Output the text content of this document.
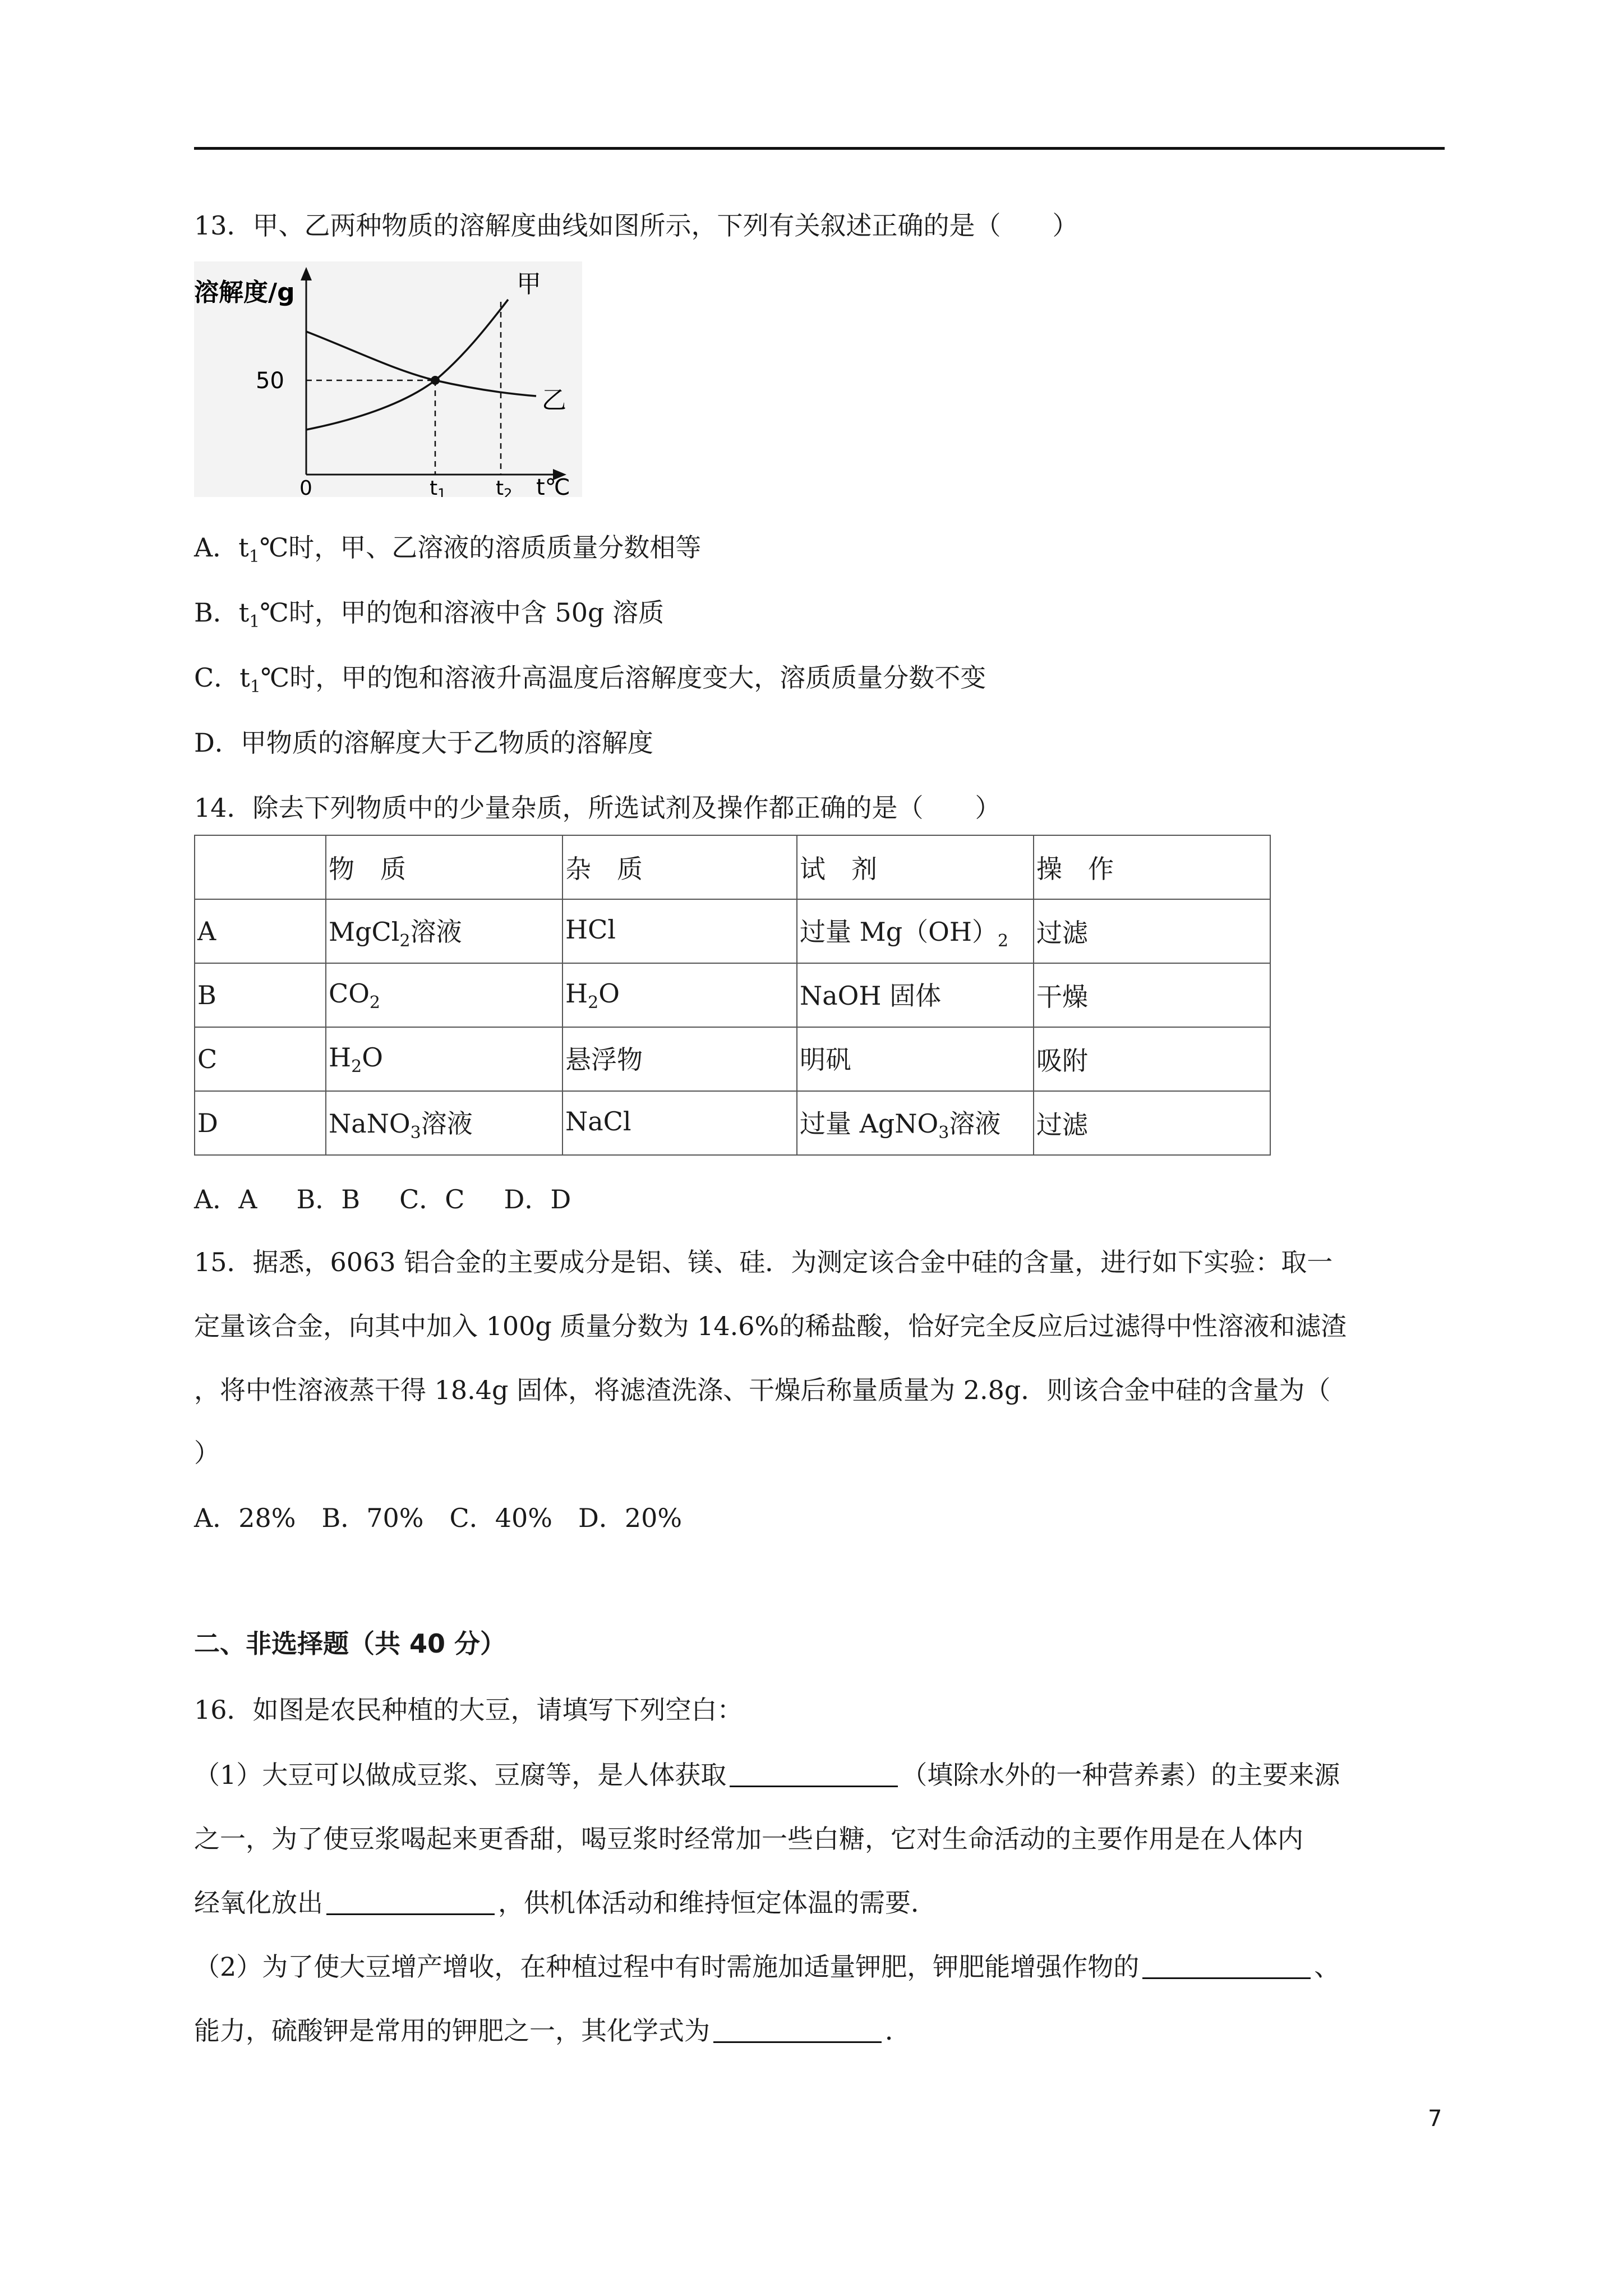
13．甲、乙两种物质的溶解度曲线如图所示，下列有关叙述正确的是（　　）
溶解度/g
50
0	t1 t2 t℃
甲
乙
A．$t_1℃$时，甲、乙溶液的溶质质量分数相等
B．$t_1℃$时，甲的饱和溶液中含 50g 溶质
C．$t_1℃$时，甲的饱和溶液升高温度后溶解度变大，溶质质量分数不变
D．甲物质的溶解度大于乙物质的溶解度
14．除去下列物质中的少量杂质，所选试剂及操作都正确的是（　　）
	物　质	杂　质	试　剂	操　作
A	MgCl$_2$溶液	HCl	过量 $Mg(OH)_2$	过滤
B	$CO_2$	$H_2O$	NaOH 固体	干燥
C	$H_2O$	悬浮物	明矾	吸附
D	NaNO$_3$溶液	NaCl	过量 AgNO$_3$溶液	过滤
A．A B．B C．C D．D
15．据悉，6063 铝合金的主要成分是铝、镁、硅．为测定该合金中硅的含量，进行如下实验：取一
定量该合金，向其中加入 100g 质量分数为 14.6%的稀盐酸，恰好完全反应后过滤得中性溶液和滤渣
，将中性溶液蒸干得 18.4g 固体，将滤渣洗涤、干燥后称量质量为 2.8g．则该合金中硅的含量为（
）
A．28%　B．70%　C．40%　D．20%
二、非选择题（共 40 分）
16．如图是农民种植的大豆，请填写下列空白：
（1）大豆可以做成豆浆、豆腐等，是人体获取	（填除水外的一种营养素）的主要来源
之一，为了使豆浆喝起来更香甜，喝豆浆时经常加一些白糖，它对生命活动的主要作用是在人体内
经氧化放出	，供机体活动和维持恒定体温的需要．
（2）为了使大豆增产增收，在种植过程中有时需施加适量钾肥，钾肥能增强作物的	、
能力，硫酸钾是常用的钾肥之一，其化学式为	．
7
